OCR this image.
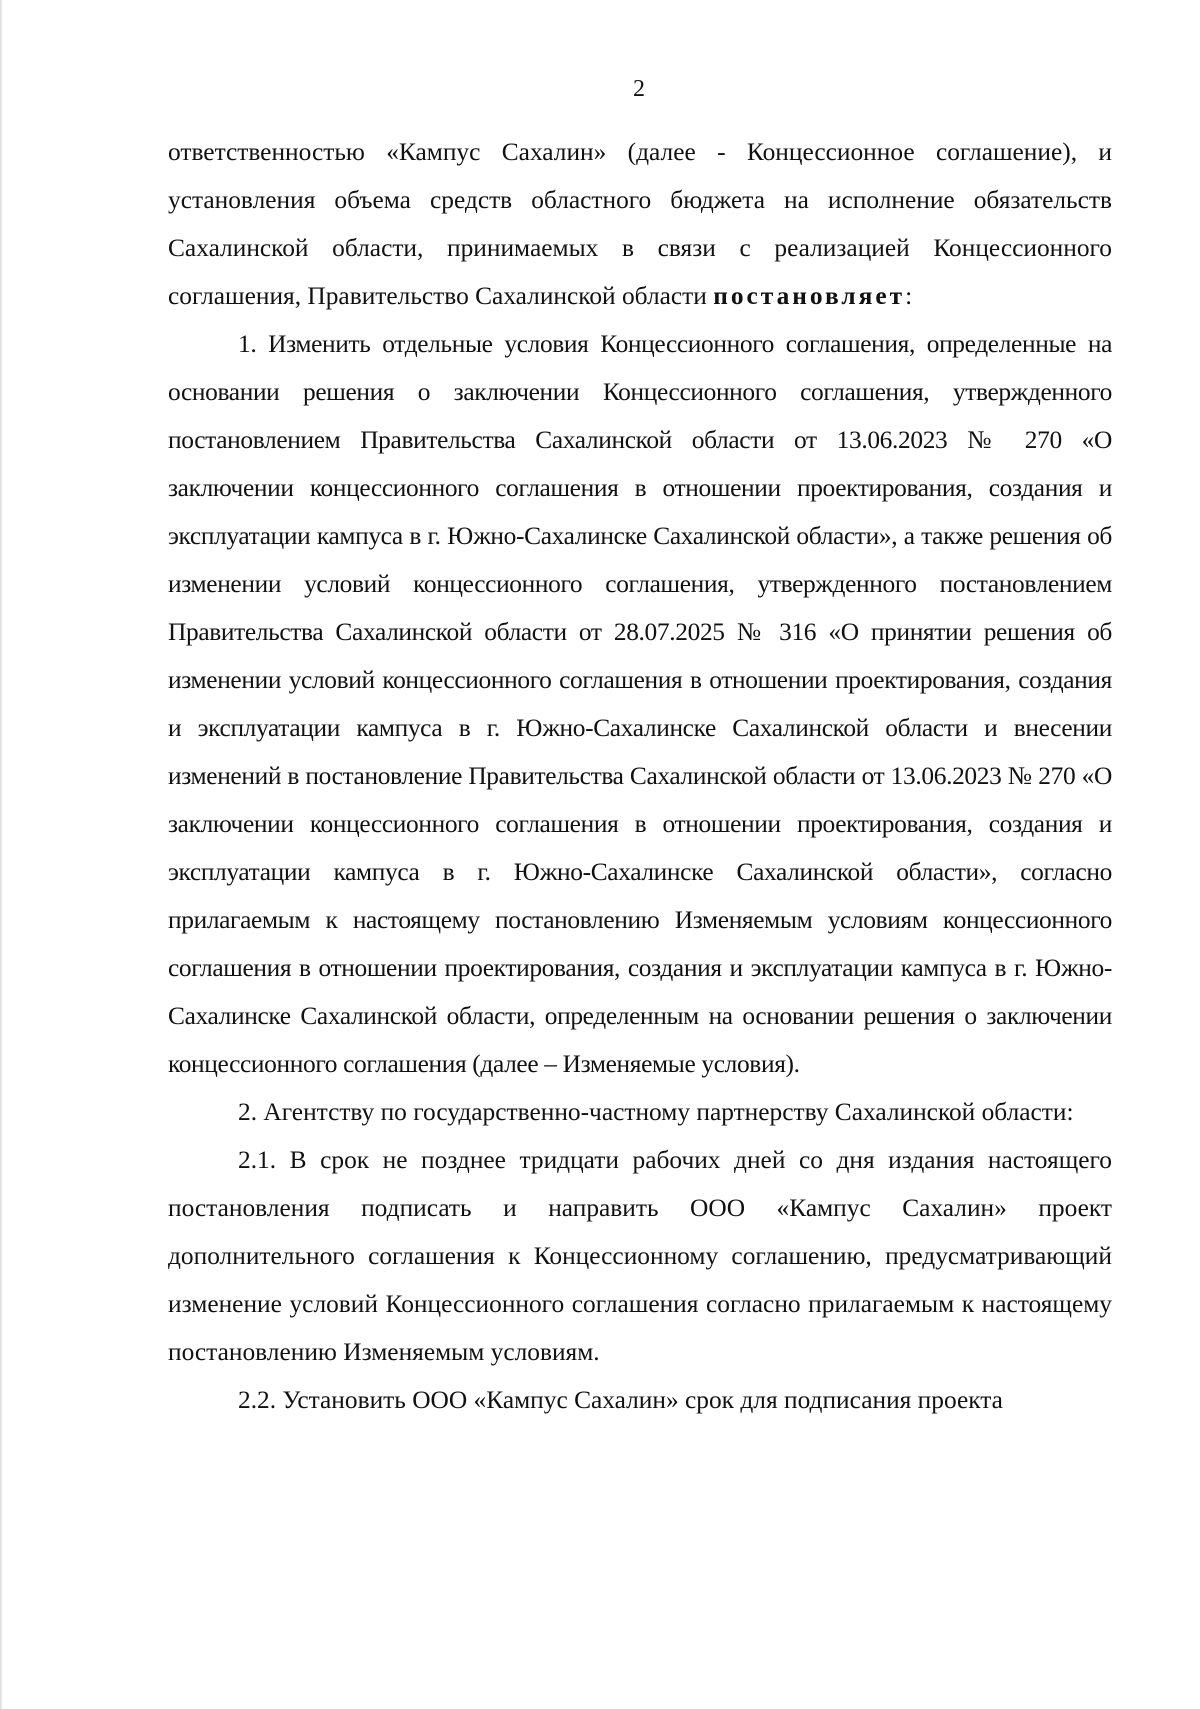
2

ответственностью «Кампус Сахалин» (далее - Концессионное соглашение), и установления объема средств областного бюджета на исполнение обязательств Сахалинской области, принимаемых в связи с реализацией Концессионного соглашения, Правительство Сахалинской области постановляет:

1. Изменить отдельные условия Концессионного соглашения, определенные на основании решения о заключении Концессионного соглашения, утвержденного постановлением Правительства Сахалинской области от 13.06.2023 № 270 «О заключении концессионного соглашения в отношении проектирования, создания и эксплуатации кампуса в г. Южно-Сахалинске Сахалинской области», а также решения об изменении условий концессионного соглашения, утвержденного постановлением Правительства Сахалинской области от 28.07.2025 № 316 «О принятии решения об изменении условий концессионного соглашения в отношении проектирования, создания и эксплуатации кампуса в г. Южно-Сахалинске Сахалинской области и внесении изменений в постановление Правительства Сахалинской области от 13.06.2023 № 270 «О заключении концессионного соглашения в отношении проектирования, создания и эксплуатации кампуса в г. Южно-Сахалинске Сахалинской области», согласно прилагаемым к настоящему постановлению Изменяемым условиям концессионного соглашения в отношении проектирования, создания и эксплуатации кампуса в г. Южно-Сахалинске Сахалинской области, определенным на основании решения о заключении концессионного соглашения (далее – Изменяемые условия).

2. Агентству по государственно-частному партнерству Сахалинской области:

2.1. В срок не позднее тридцати рабочих дней со дня издания настоящего постановления подписать и направить ООО «Кампус Сахалин» проект дополнительного соглашения к Концессионному соглашению, предусматривающий изменение условий Концессионного соглашения согласно прилагаемым к настоящему постановлению Изменяемым условиям.

2.2. Установить ООО «Кампус Сахалин» срок для подписания проекта
